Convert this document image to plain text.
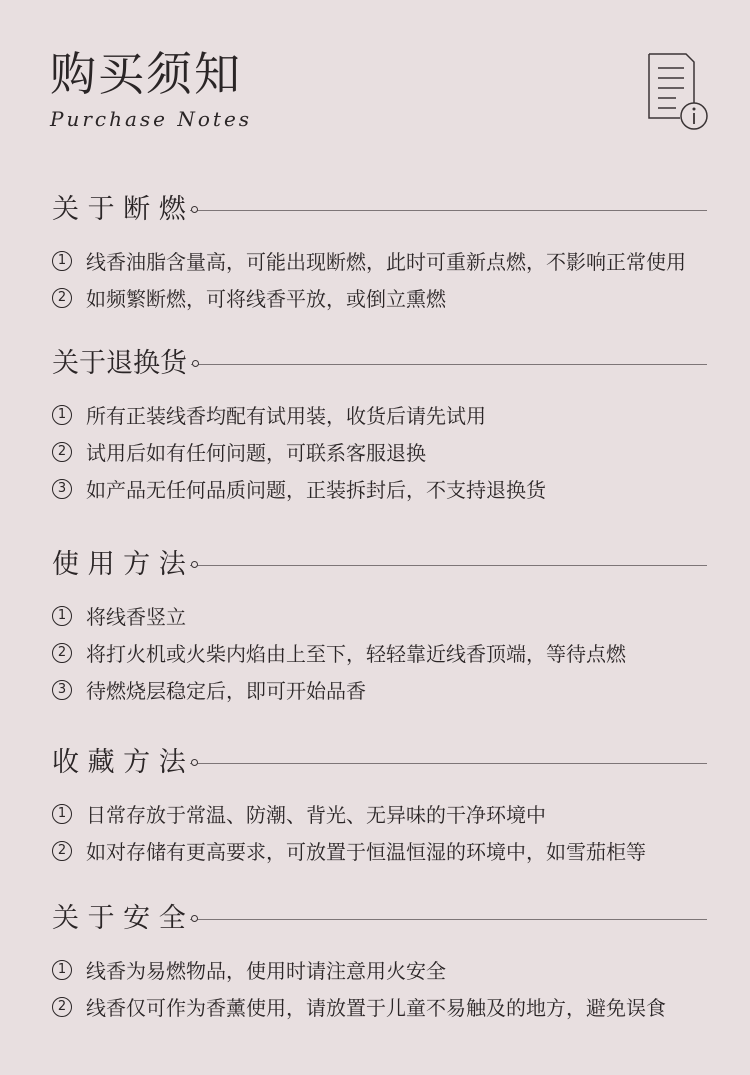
购买须知
Purchase Notes
关 于 断 燃
1 线香油脂含量高，可能出现断燃，此时可重新点燃，不影响正常使用
2 如频繁断燃，可将线香平放，或倒立熏燃
关于退换货
1 所有正装线香均配有试用装，收货后请先试用
2 试用后如有任何问题，可联系客服退换
3 如产品无任何品质问题，正装拆封后，不支持退换货
使 用 方 法
1 将线香竖立
2 将打火机或火柴内焰由上至下，轻轻靠近线香顶端，等待点燃
3 待燃烧层稳定后，即可开始品香
收 藏 方 法
1 日常存放于常温、防潮、背光、无异味的干净环境中
2 如对存储有更高要求，可放置于恒温恒湿的环境中，如雪茄柜等
关 于 安 全
1 线香为易燃物品，使用时请注意用火安全
2 线香仅可作为香薰使用，请放置于儿童不易触及的地方，避免误食
